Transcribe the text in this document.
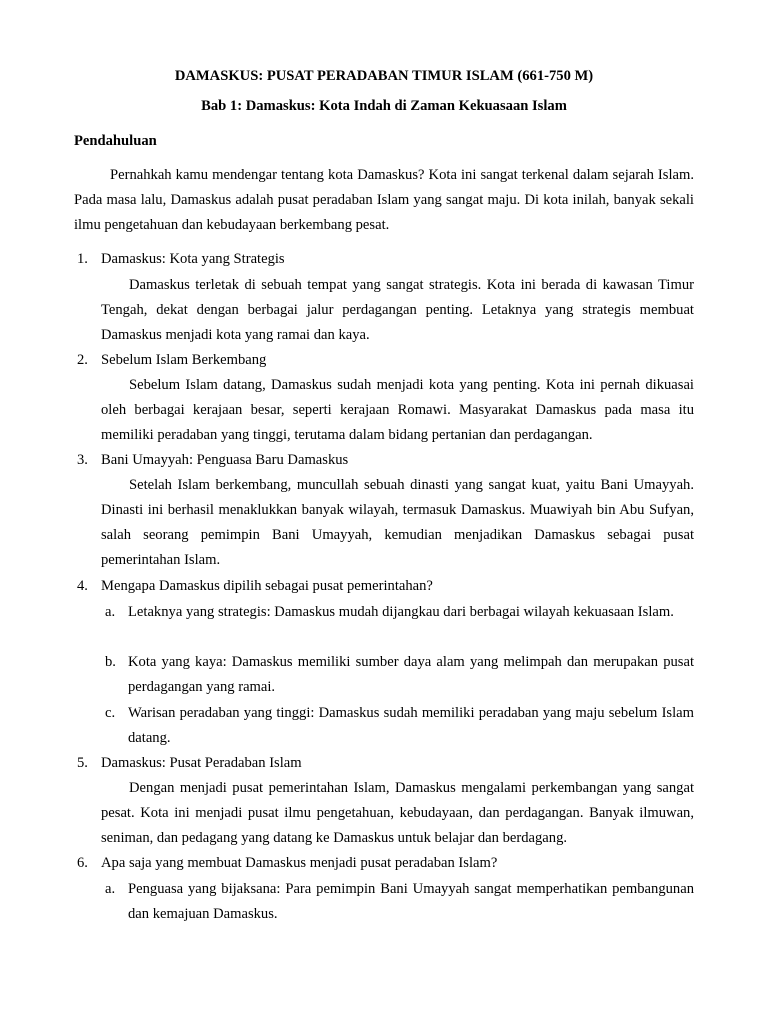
DAMASKUS: PUSAT PERADABAN TIMUR ISLAM (661-750 M)
Bab 1: Damaskus: Kota Indah di Zaman Kekuasaan Islam
Pendahuluan
Pernahkah kamu mendengar tentang kota Damaskus? Kota ini sangat terkenal dalam sejarah Islam. Pada masa lalu, Damaskus adalah pusat peradaban Islam yang sangat maju. Di kota inilah, banyak sekali ilmu pengetahuan dan kebudayaan berkembang pesat.
1. Damaskus: Kota yang Strategis
Damaskus terletak di sebuah tempat yang sangat strategis. Kota ini berada di kawasan Timur Tengah, dekat dengan berbagai jalur perdagangan penting. Letaknya yang strategis membuat Damaskus menjadi kota yang ramai dan kaya.
2. Sebelum Islam Berkembang
Sebelum Islam datang, Damaskus sudah menjadi kota yang penting. Kota ini pernah dikuasai oleh berbagai kerajaan besar, seperti kerajaan Romawi. Masyarakat Damaskus pada masa itu memiliki peradaban yang tinggi, terutama dalam bidang pertanian dan perdagangan.
3. Bani Umayyah: Penguasa Baru Damaskus
Setelah Islam berkembang, muncullah sebuah dinasti yang sangat kuat, yaitu Bani Umayyah. Dinasti ini berhasil menaklukkan banyak wilayah, termasuk Damaskus. Muawiyah bin Abu Sufyan, salah seorang pemimpin Bani Umayyah, kemudian menjadikan Damaskus sebagai pusat pemerintahan Islam.
4. Mengapa Damaskus dipilih sebagai pusat pemerintahan?
a. Letaknya yang strategis: Damaskus mudah dijangkau dari berbagai wilayah kekuasaan Islam.
b. Kota yang kaya: Damaskus memiliki sumber daya alam yang melimpah dan merupakan pusat perdagangan yang ramai.
c. Warisan peradaban yang tinggi: Damaskus sudah memiliki peradaban yang maju sebelum Islam datang.
5. Damaskus: Pusat Peradaban Islam
Dengan menjadi pusat pemerintahan Islam, Damaskus mengalami perkembangan yang sangat pesat. Kota ini menjadi pusat ilmu pengetahuan, kebudayaan, dan perdagangan. Banyak ilmuwan, seniman, dan pedagang yang datang ke Damaskus untuk belajar dan berdagang.
6. Apa saja yang membuat Damaskus menjadi pusat peradaban Islam?
a. Penguasa yang bijaksana: Para pemimpin Bani Umayyah sangat memperhatikan pembangunan dan kemajuan Damaskus.
